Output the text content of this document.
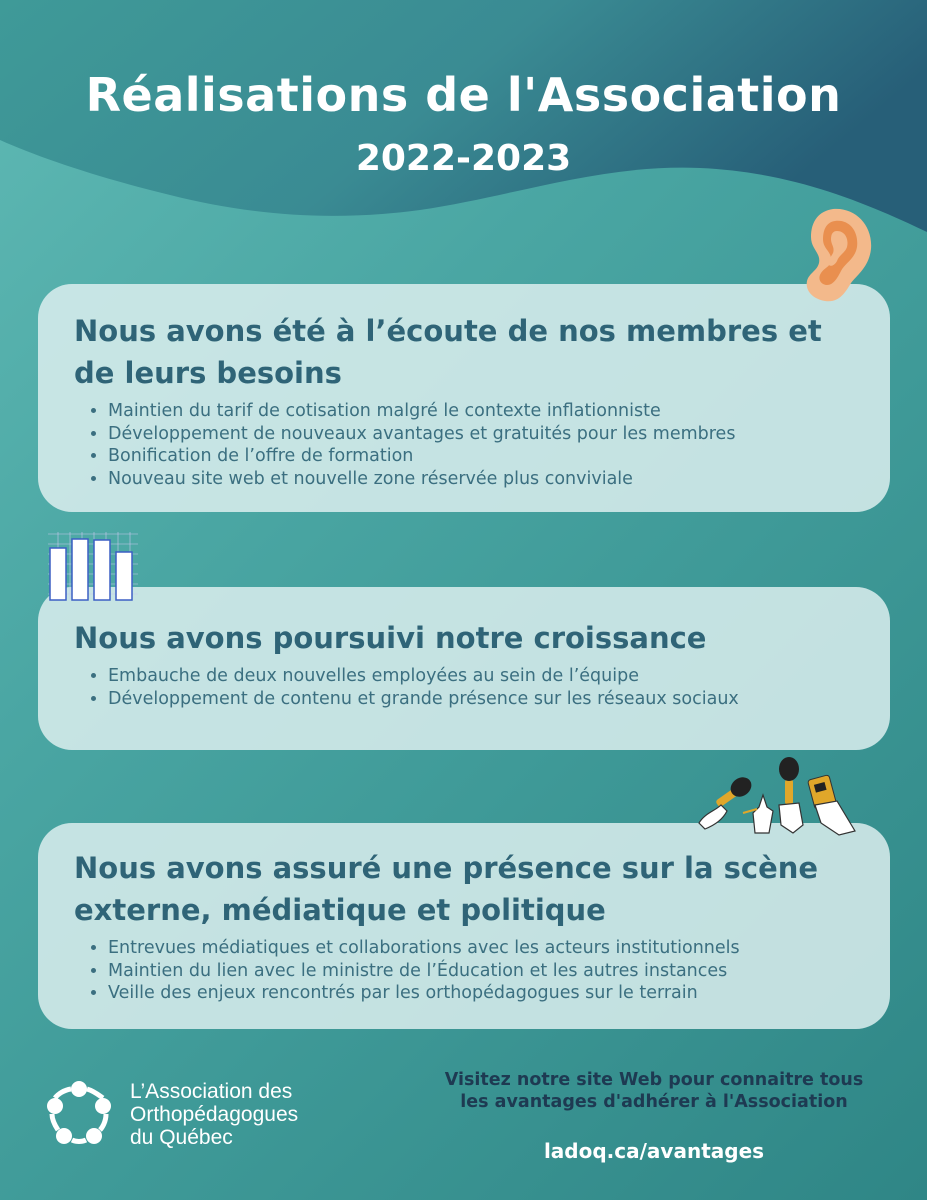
Réalisations de l'Association
2022-2023
Nous avons été à l’écoute de nos membres et de leurs besoins
• Maintien du tarif de cotisation malgré le contexte inflationniste
• Développement de nouveaux avantages et gratuités pour les membres
• Bonification de l’offre de formation
• Nouveau site web et nouvelle zone réservée plus conviviale
Nous avons poursuivi notre croissance
• Embauche de deux nouvelles employées au sein de l’équipe
• Développement de contenu et grande présence sur les réseaux sociaux
Nous avons assuré une présence sur la scène externe, médiatique et politique
• Entrevues médiatiques et collaborations avec les acteurs institutionnels
• Maintien du lien avec le ministre de l’Éducation et les autres instances
• Veille des enjeux rencontrés par les orthopédagogues sur le terrain
L’Association des
Orthopédagogues
du Québec
Visitez notre site Web pour connaitre tous
les avantages d'adhérer à l'Association
ladoq.ca/avantages
